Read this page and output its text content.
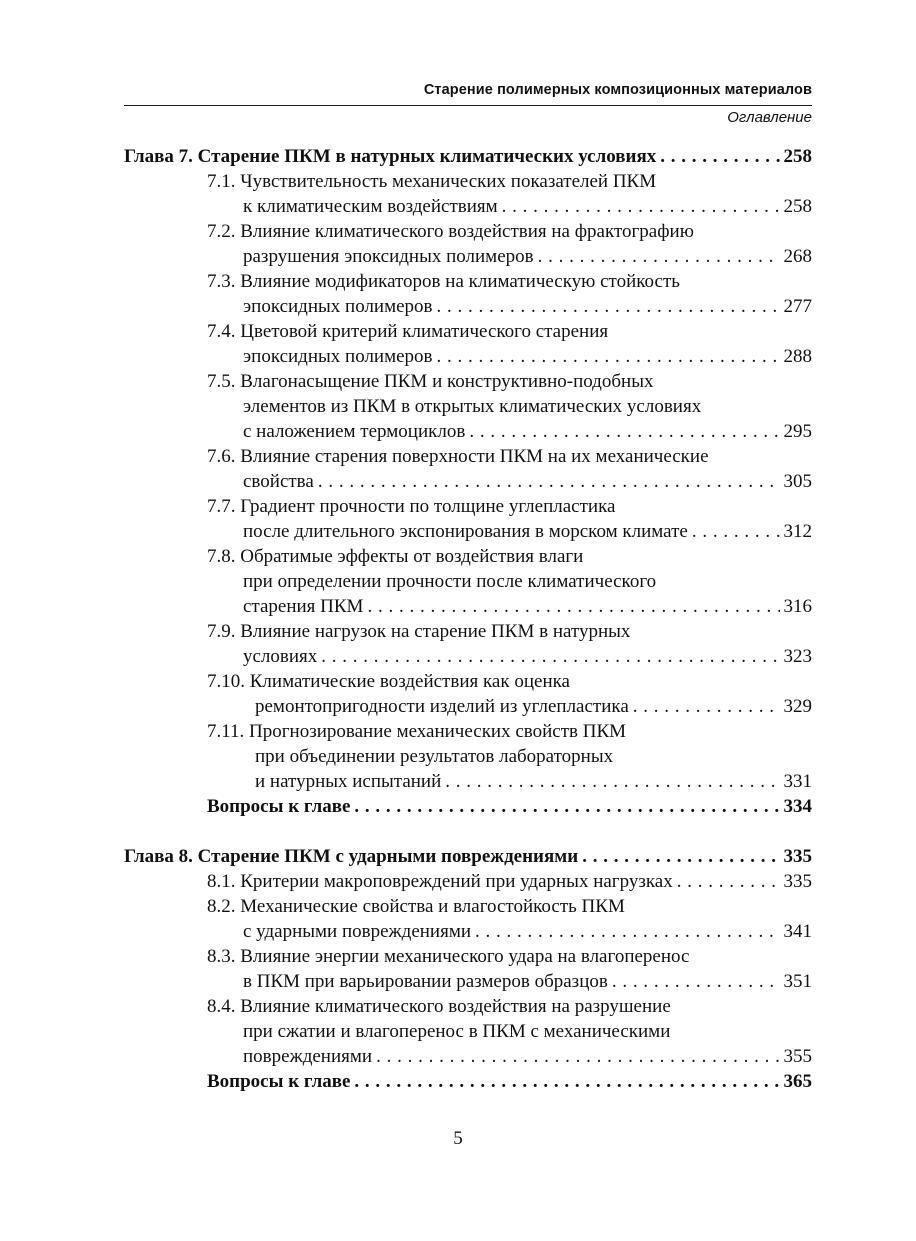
Старение полимерных композиционных материалов
Оглавление
Глава 7. Старение ПКМ в натурных климатических условиях . . .	258
7.1. Чувствительность механических показателей ПКМ
к климатическим воздействиям . . .	258
7.2. Влияние климатического воздействия на фрактографию
разрушения эпоксидных полимеров . . .	268
7.3. Влияние модификаторов на климатическую стойкость
эпоксидных полимеров . . .	277
7.4. Цветовой критерий климатического старения
эпоксидных полимеров . . .	288
7.5. Влагонасыщение ПКМ и конструктивно-подобных
элементов из ПКМ в открытых климатических условиях
с наложением термоциклов . . .	295
7.6. Влияние старения поверхности ПКМ на их механические
свойства . . .	305
7.7. Градиент прочности по толщине углепластика
после длительного экспонирования в морском климате . . .	312
7.8. Обратимые эффекты от воздействия влаги
при определении прочности после климатического
старения ПКМ . . .	316
7.9. Влияние нагрузок на старение ПКМ в натурных
условиях . . .	323
7.10. Климатические воздействия как оценка
ремонтопригодности изделий из углепластика . . .	329
7.11. Прогнозирование механических свойств ПКМ
при объединении результатов лабораторных
и натурных испытаний . . .	331
Вопросы к главе . . .	334
Глава 8. Старение ПКМ с ударными повреждениями . . .	335
8.1. Критерии макроповреждений при ударных нагрузках . . .	335
8.2. Механические свойства и влагостойкость ПКМ
с ударными повреждениями . . .	341
8.3. Влияние энергии механического удара на влагоперенос
в ПКМ при варьировании размеров образцов . . .	351
8.4. Влияние климатического воздействия на разрушение
при сжатии и влагоперенос в ПКМ с механическими
повреждениями . . .	355
Вопросы к главе . . .	365
5
